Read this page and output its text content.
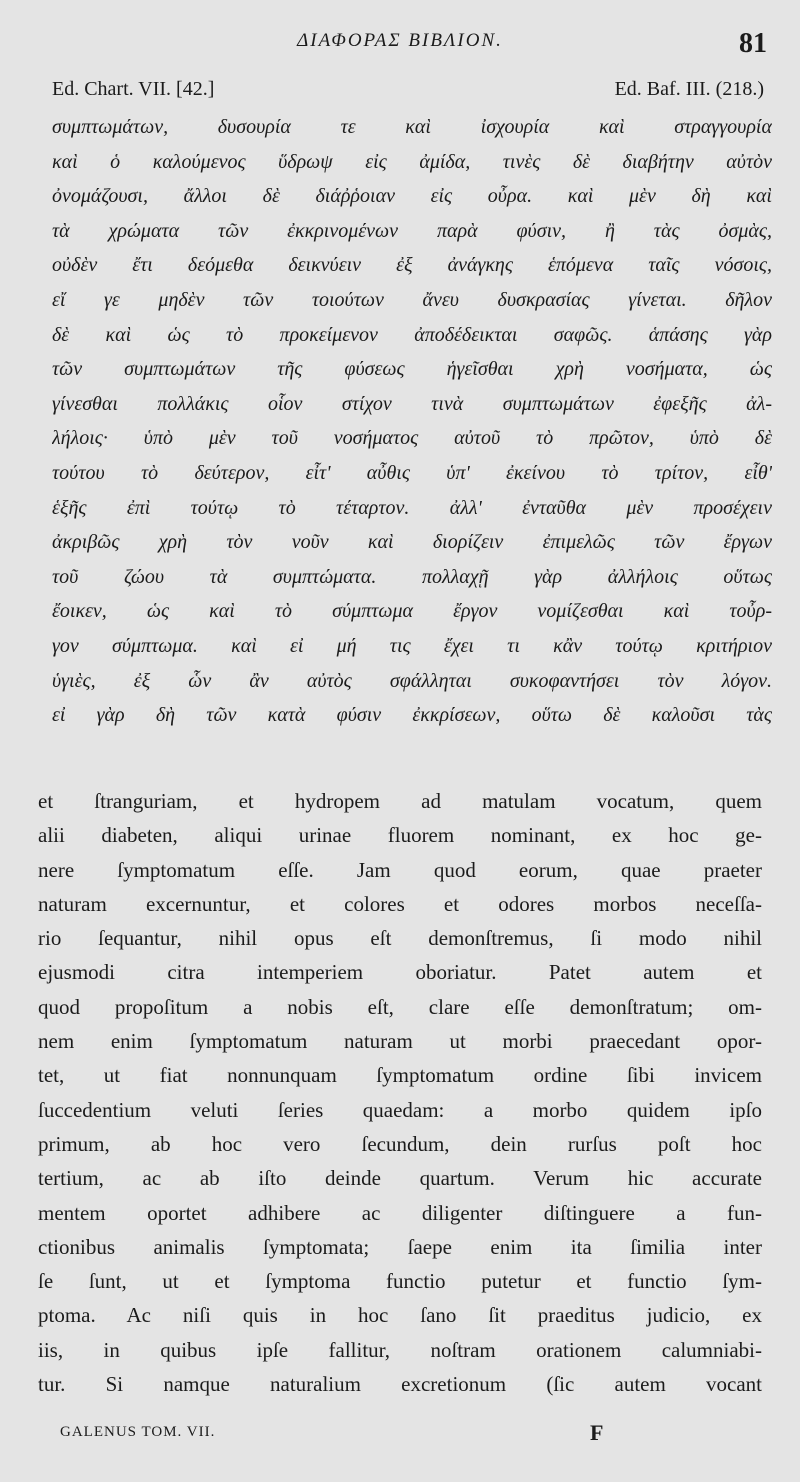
ΔΙΑΦΟΡΑΣ ΒΙΒΛΙΟΝ.	81
Ed. Chart. VII. [42.]	Ed. Baf. III. (218.)
συμπτωμάτων, δυσουρία τε καὶ ἰσχουρία καὶ στραγγουρία
καὶ ὁ καλούμενος ὕδρωψ εἰς ἀμίδα, τινὲς δὲ διαβήτην αὐτὸν
ὀνομάζουσι, ἄλλοι δὲ διάῤῥοιαν εἰς οὖρα. καὶ μὲν δὴ καὶ
τὰ χρώματα τῶν ἐκκρινομένων παρὰ φύσιν, ἢ τὰς ὀσμὰς,
οὐδὲν ἔτι δεόμεθα δεικνύειν ἐξ ἀνάγκης ἑπόμενα ταῖς νόσοις,
εἴ γε μηδὲν τῶν τοιούτων ἄνευ δυσκρασίας γίνεται. δῆλον
δὲ καὶ ὡς τὸ προκείμενον ἀποδέδεικται σαφῶς. ἁπάσης γὰρ
τῶν συμπτωμάτων τῆς φύσεως ἡγεῖσθαι χρὴ νοσήματα, ὡς
γίνεσθαι πολλάκις οἷον στίχον τινὰ συμπτωμάτων ἐφεξῆς ἀλ-
λήλοις· ὑπὸ μὲν τοῦ νοσήματος αὐτοῦ τὸ πρῶτον, ὑπὸ δὲ
τούτου τὸ δεύτερον, εἶτ' αὖθις ὑπ' ἐκείνου τὸ τρίτον, εἶθ'
ἑξῆς ἐπὶ τούτῳ τὸ τέταρτον. ἀλλ' ἐνταῦθα μὲν προσέχειν
ἀκριβῶς χρὴ τὸν νοῦν καὶ διορίζειν ἐπιμελῶς τῶν ἔργων
τοῦ ζώου τὰ συμπτώματα. πολλαχῇ γὰρ ἀλλήλοις οὕτως
ἔοικεν, ὡς καὶ τὸ σύμπτωμα ἔργον νομίζεσθαι καὶ τοὖρ-
γον σύμπτωμα. καὶ εἰ μή τις ἔχει τι κἂν τούτῳ κριτήριον
ὑγιὲς, ἐξ ὧν ἂν αὐτὸς σφάλληται συκοφαντήσει τὸν λόγον.
εἰ γὰρ δὴ τῶν κατὰ φύσιν ἐκκρίσεων, οὕτω δὲ καλοῦσι τὰς
et ſtranguriam, et hydropem ad matulam vocatum, quem
alii diabeten, aliqui urinae fluorem nominant, ex hoc ge-
nere ſymptomatum eſſe. Jam quod eorum, quae praeter
naturam excernuntur, et colores et odores morbos neceſſa-
rio ſequantur, nihil opus eſt demonſtremus, ſi modo nihil
ejusmodi citra intemperiem oboriatur. Patet autem et
quod propoſitum a nobis eſt, clare eſſe demonſtratum; om-
nem enim ſymptomatum naturam ut morbi praecedant opor-
tet, ut fiat nonnunquam ſymptomatum ordine ſibi invicem
ſuccedentium veluti ſeries quaedam: a morbo quidem ipſo
primum, ab hoc vero ſecundum, dein rurſus poſt hoc
tertium, ac ab iſto deinde quartum. Verum hic accurate
mentem oportet adhibere ac diligenter diſtinguere a fun-
ctionibus animalis ſymptomata; ſaepe enim ita ſimilia inter
ſe ſunt, ut et ſymptoma functio putetur et functio ſym-
ptoma. Ac niſi quis in hoc ſano ſit praeditus judicio, ex
iis, in quibus ipſe fallitur, noſtram orationem calumniabi-
tur. Si namque naturalium excretionum (ſic autem vocant
GALENUS TOM. VII.	F
